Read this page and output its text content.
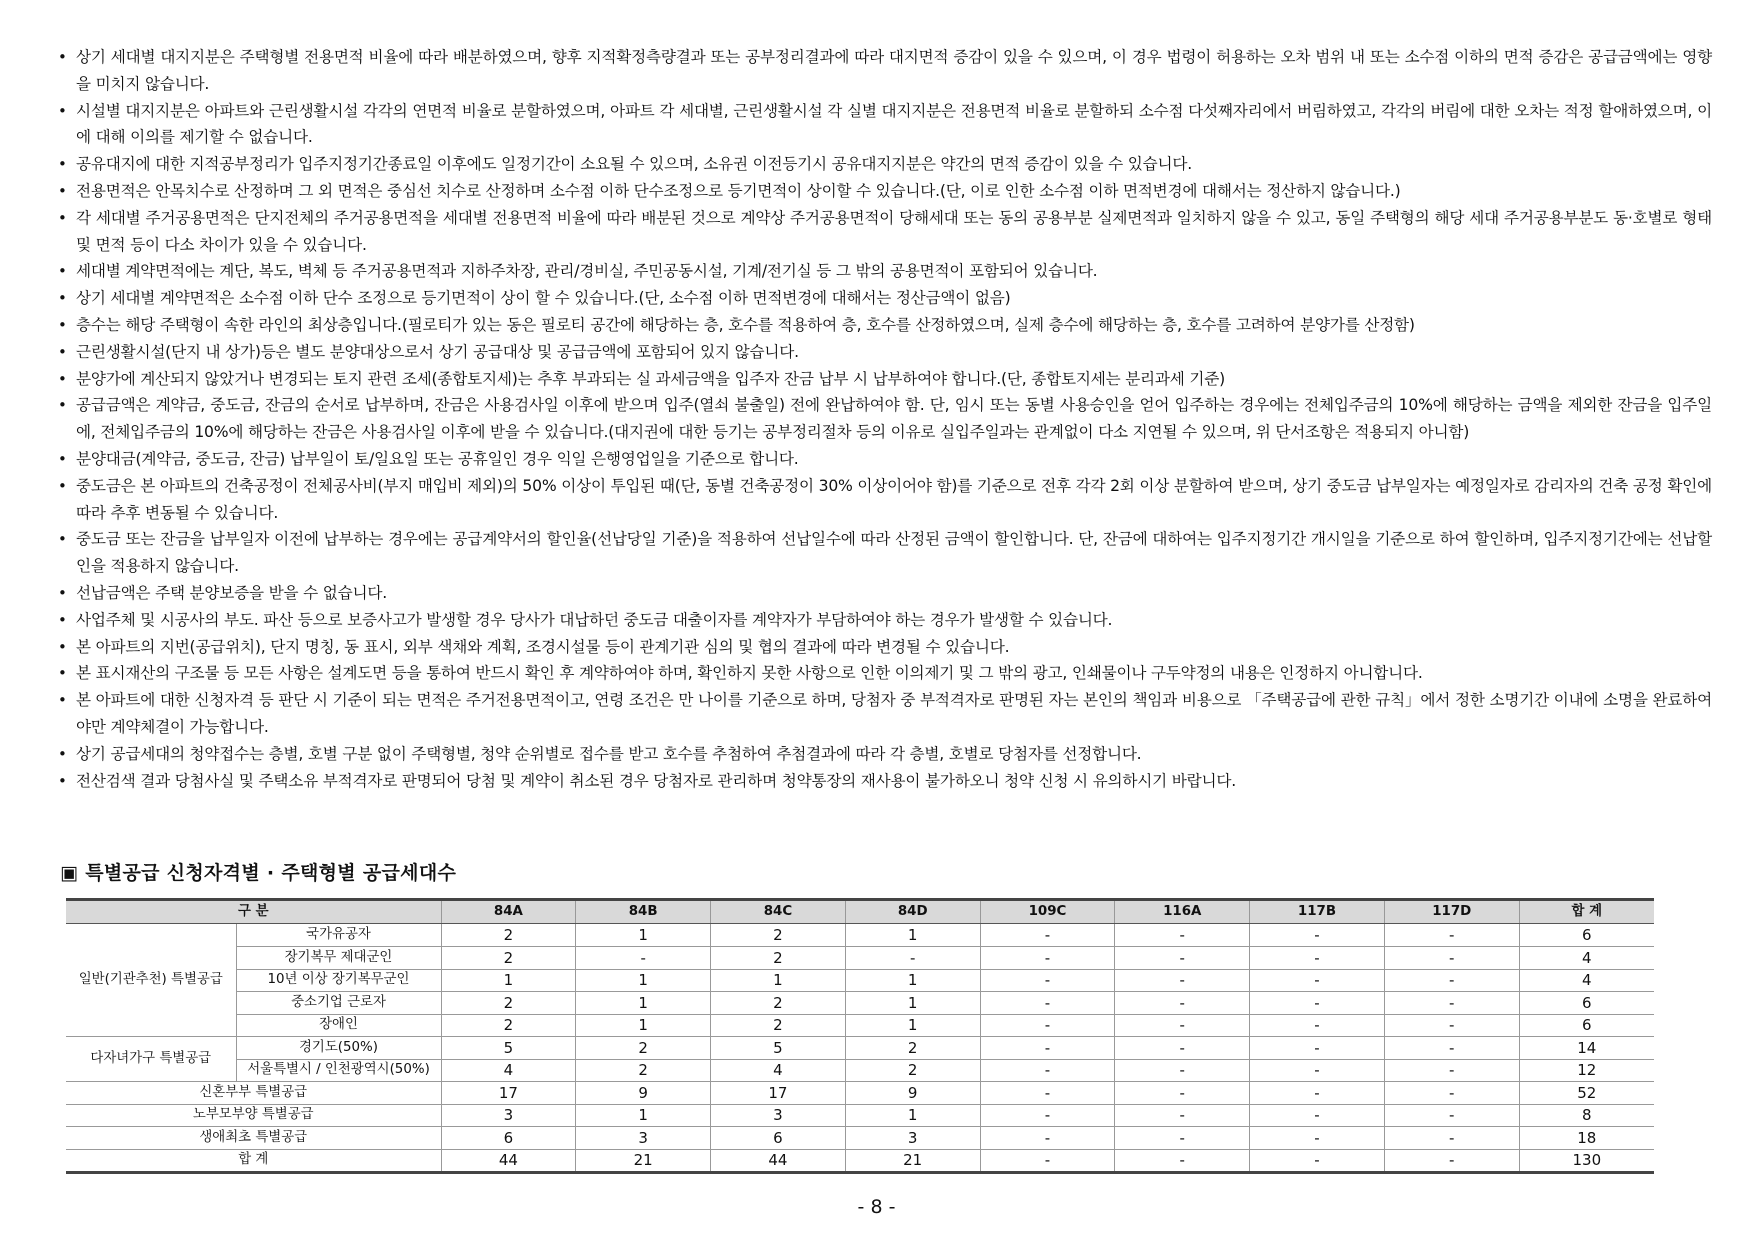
• 상기 세대별 대지지분은 주택형별 전용면적 비율에 따라 배분하였으며, 향후 지적확정측량결과 또는 공부정리결과에 따라 대지면적 증감이 있을 수 있으며, 이 경우 법령이 허용하는 오차 범위 내 또는 소수점 이하의 면적 증감은 공급금액에는 영향을 미치지 않습니다.
• 시설별 대지지분은 아파트와 근린생활시설 각각의 연면적 비율로 분할하였으며, 아파트 각 세대별, 근린생활시설 각 실별 대지지분은 전용면적 비율로 분할하되 소수점 다섯째자리에서 버림하였고, 각각의 버림에 대한 오차는 적정 할애하였으며, 이에 대해 이의를 제기할 수 없습니다.
• 공유대지에 대한 지적공부정리가 입주지정기간종료일 이후에도 일정기간이 소요될 수 있으며, 소유권 이전등기시 공유대지지분은 약간의 면적 증감이 있을 수 있습니다.
• 전용면적은 안목치수로 산정하며 그 외 면적은 중심선 치수로 산정하며 소수점 이하 단수조정으로 등기면적이 상이할 수 있습니다.(단, 이로 인한 소수점 이하 면적변경에 대해서는 정산하지 않습니다.)
• 각 세대별 주거공용면적은 단지전체의 주거공용면적을 세대별 전용면적 비율에 따라 배분된 것으로 계약상 주거공용면적이 당해세대 또는 동의 공용부분 실제면적과 일치하지 않을 수 있고, 동일 주택형의 해당 세대 주거공용부분도 동·호별로 형태 및 면적 등이 다소 차이가 있을 수 있습니다.
• 세대별 계약면적에는 계단, 복도, 벽체 등 주거공용면적과 지하주차장, 관리/경비실, 주민공동시설, 기계/전기실 등 그 밖의 공용면적이 포함되어 있습니다.
• 상기 세대별 계약면적은 소수점 이하 단수 조정으로 등기면적이 상이 할 수 있습니다.(단, 소수점 이하 면적변경에 대해서는 정산금액이 없음)
• 층수는 해당 주택형이 속한 라인의 최상층입니다.(필로티가 있는 동은 필로티 공간에 해당하는 층, 호수를 적용하여 층, 호수를 산정하였으며, 실제 층수에 해당하는 층, 호수를 고려하여 분양가를 산정함)
• 근린생활시설(단지 내 상가)등은 별도 분양대상으로서 상기 공급대상 및 공급금액에 포함되어 있지 않습니다.
• 분양가에 계산되지 않았거나 변경되는 토지 관련 조세(종합토지세)는 추후 부과되는 실 과세금액을 입주자 잔금 납부 시 납부하여야 합니다.(단, 종합토지세는 분리과세 기준)
• 공급금액은 계약금, 중도금, 잔금의 순서로 납부하며, 잔금은 사용검사일 이후에 받으며 입주(열쇠 불출일) 전에 완납하여야 함. 단, 임시 또는 동별 사용승인을 얻어 입주하는 경우에는 전체입주금의 10%에 해당하는 금액을 제외한 잔금을 입주일에, 전체입주금의 10%에 해당하는 잔금은 사용검사일 이후에 받을 수 있습니다.(대지권에 대한 등기는 공부정리절차 등의 이유로 실입주일과는 관계없이 다소 지연될 수 있으며, 위 단서조항은 적용되지 아니함)
• 분양대금(계약금, 중도금, 잔금) 납부일이 토/일요일 또는 공휴일인 경우 익일 은행영업일을 기준으로 합니다.
• 중도금은 본 아파트의 건축공정이 전체공사비(부지 매입비 제외)의 50% 이상이 투입된 때(단, 동별 건축공정이 30% 이상이어야 함)를 기준으로 전후 각각 2회 이상 분할하여 받으며, 상기 중도금 납부일자는 예정일자로 감리자의 건축 공정 확인에 따라 추후 변동될 수 있습니다.
• 중도금 또는 잔금을 납부일자 이전에 납부하는 경우에는 공급계약서의 할인율(선납당일 기준)을 적용하여 선납일수에 따라 산정된 금액이 할인합니다. 단, 잔금에 대하여는 입주지정기간 개시일을 기준으로 하여 할인하며, 입주지정기간에는 선납할인을 적용하지 않습니다.
• 선납금액은 주택 분양보증을 받을 수 없습니다.
• 사업주체 및 시공사의 부도. 파산 등으로 보증사고가 발생할 경우 당사가 대납하던 중도금 대출이자를 계약자가 부담하여야 하는 경우가 발생할 수 있습니다.
• 본 아파트의 지번(공급위치), 단지 명칭, 동 표시, 외부 색채와 계획, 조경시설물 등이 관계기관 심의 및 협의 결과에 따라 변경될 수 있습니다.
• 본 표시재산의 구조물 등 모든 사항은 설계도면 등을 통하여 반드시 확인 후 계약하여야 하며, 확인하지 못한 사항으로 인한 이의제기 및 그 밖의 광고, 인쇄물이나 구두약정의 내용은 인정하지 아니합니다.
• 본 아파트에 대한 신청자격 등 판단 시 기준이 되는 면적은 주거전용면적이고, 연령 조건은 만 나이를 기준으로 하며, 당첨자 중 부적격자로 판명된 자는 본인의 책임과 비용으로 「주택공급에 관한 규칙」에서 정한 소명기간 이내에 소명을 완료하여야만 계약체결이 가능합니다.
• 상기 공급세대의 청약접수는 층별, 호별 구분 없이 주택형별, 청약 순위별로 접수를 받고 호수를 추첨하여 추첨결과에 따라 각 층별, 호별로 당첨자를 선정합니다.
• 전산검색 결과 당첨사실 및 주택소유 부적격자로 판명되어 당첨 및 계약이 취소된 경우 당첨자로 관리하며 청약통장의 재사용이 불가하오니 청약 신청 시 유의하시기 바랍니다.
▣ 특별공급 신청자격별 · 주택형별 공급세대수
구 분		84A	84B	84C	84D	109C	116A	117B	117D	합 계
일반(기관추천) 특별공급	국가유공자	2	1	2	1	-	-	-	-	6
	장기복무 제대군인	2	-	2	-	-	-	-	-	4
	10년 이상 장기복무군인	1	1	1	1	-	-	-	-	4
	중소기업 근로자	2	1	2	1	-	-	-	-	6
	장애인	2	1	2	1	-	-	-	-	6
다자녀가구 특별공급	경기도(50%)	5	2	5	2	-	-	-	-	14
	서울특별시 / 인천광역시(50%)	4	2	4	2	-	-	-	-	12
신혼부부 특별공급		17	9	17	9	-	-	-	-	52
노부모부양 특별공급		3	1	3	1	-	-	-	-	8
생애최초 특별공급		6	3	6	3	-	-	-	-	18
합 계		44	21	44	21	-	-	-	-	130
- 8 -
